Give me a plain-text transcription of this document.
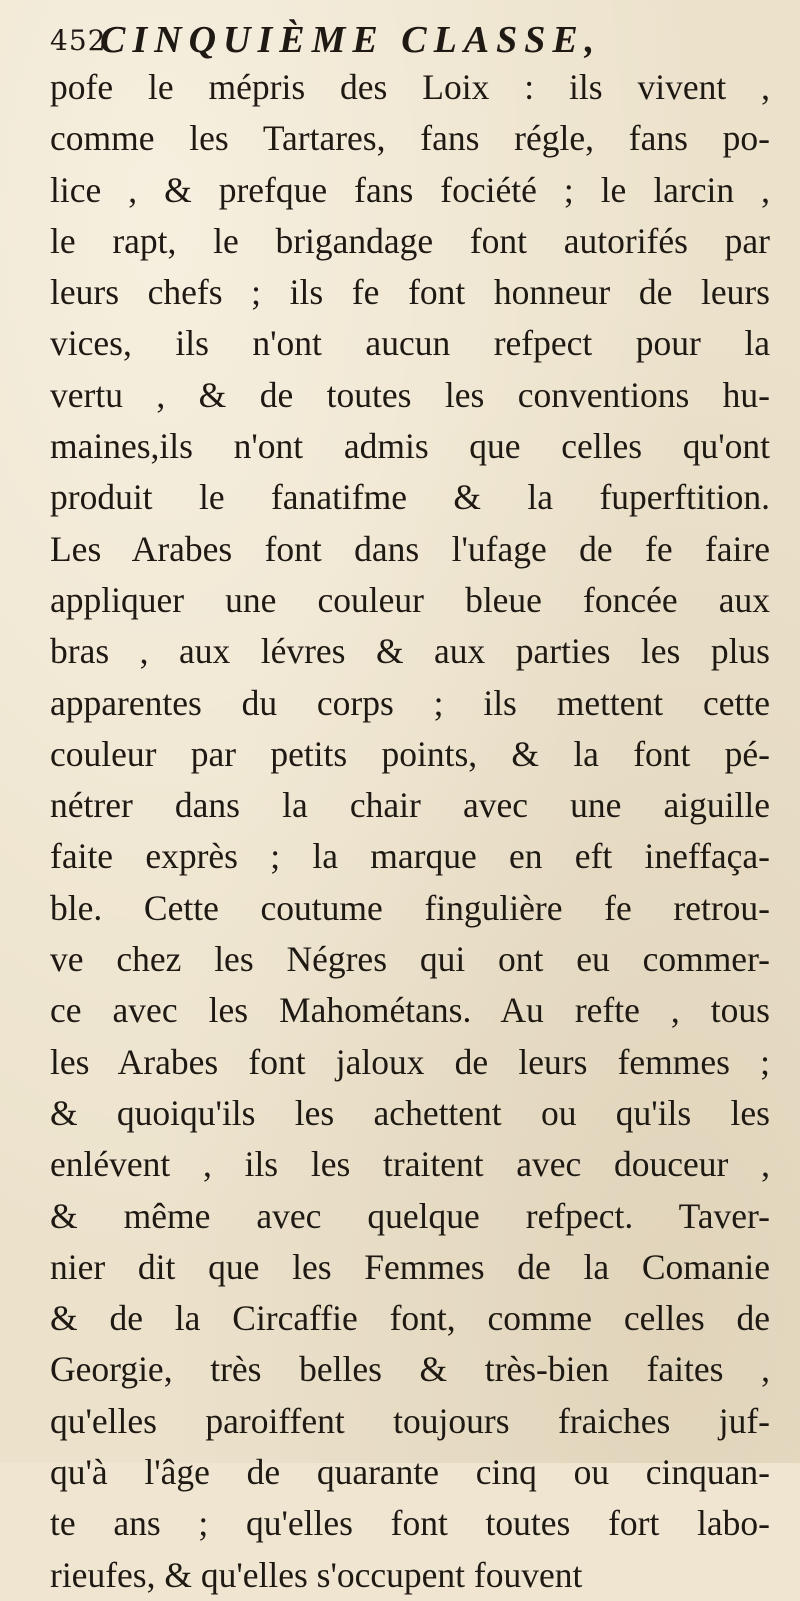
452
CINQUIÈME CLASSE,
pofe le mépris des Loix : ils vivent ,
comme les Tartares, fans régle, fans po-
lice , & prefque fans fociété ; le larcin ,
le rapt, le brigandage font autorifés par
leurs chefs ; ils fe font honneur de leurs
vices, ils n'ont aucun refpect pour la
vertu , & de toutes les conventions hu-
maines,ils n'ont admis que celles qu'ont
produit le fanatifme & la fuperftition.
Les Arabes font dans l'ufage de fe faire
appliquer une couleur bleue foncée aux
bras , aux lévres & aux parties les plus
apparentes du corps ; ils mettent cette
couleur par petits points, & la font pé-
nétrer dans la chair avec une aiguille
faite exprès ; la marque en eft ineffaça-
ble. Cette coutume fingulière fe retrou-
ve chez les Négres qui ont eu commer-
ce avec les Mahométans. Au refte , tous
les Arabes font jaloux de leurs femmes ;
& quoiqu'ils les achettent ou qu'ils les
enlévent , ils les traitent avec douceur ,
& même avec quelque refpect. Taver-
nier dit que les Femmes de la Comanie
& de la Circaffie font, comme celles de
Georgie, très belles & très-bien faites ,
qu'elles paroiffent toujours fraiches juf-
qu'à l'âge de quarante cinq ou cinquan-
te ans ; qu'elles font toutes fort labo-
rieufes, & qu'elles s'occupent fouvent
